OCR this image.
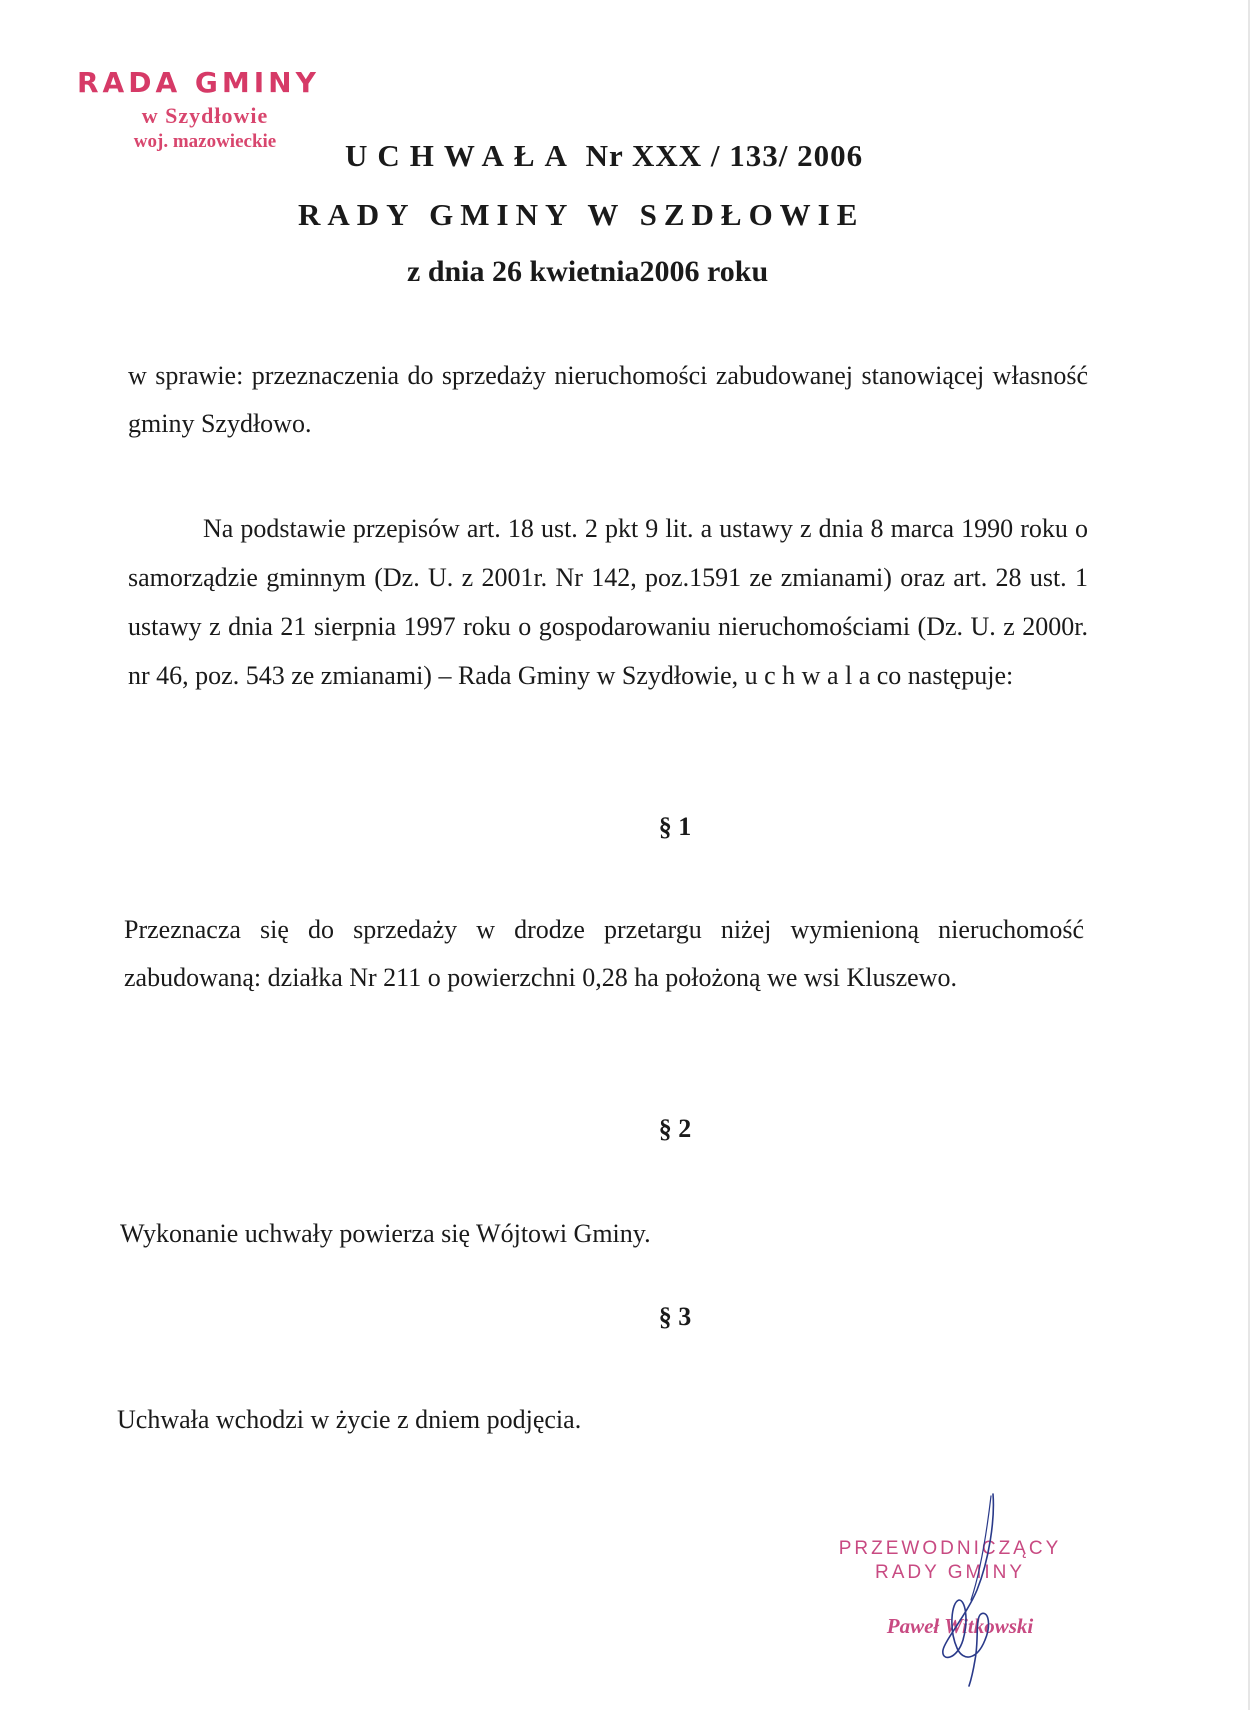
RADA GMINY
w Szydłowie
woj. mazowieckie	UCHWAŁA Nr XXX / 133/ 2006
RADY GMINY W SZDŁOWIE
z dnia 26 kwietnia2006 roku
w sprawie: przeznaczenia do sprzedaży nieruchomości zabudowanej stanowiącej własność gminy Szydłowo.
Na podstawie przepisów art. 18 ust. 2 pkt 9 lit. a ustawy z dnia 8 marca 1990 roku o samorządzie gminnym (Dz. U. z 2001r. Nr 142, poz.1591 ze zmianami) oraz art. 28 ust. 1 ustawy z dnia 21 sierpnia 1997 roku o gospodarowaniu nieruchomościami (Dz. U. z 2000r. nr 46, poz. 543 ze zmianami) – Rada Gminy w Szydłowie, u c h w a l a co następuje:
§ 1
Przeznacza się do sprzedaży w drodze przetargu niżej wymienioną nieruchomość zabudowaną: działka Nr 211 o powierzchni 0,28 ha położoną we wsi Kluszewo.
§ 2
Wykonanie uchwały powierza się Wójtowi Gminy.
§ 3
Uchwała wchodzi w życie z dniem podjęcia.
PRZEWODNICZĄCY
RADY GMINY
Paweł Witkowski
